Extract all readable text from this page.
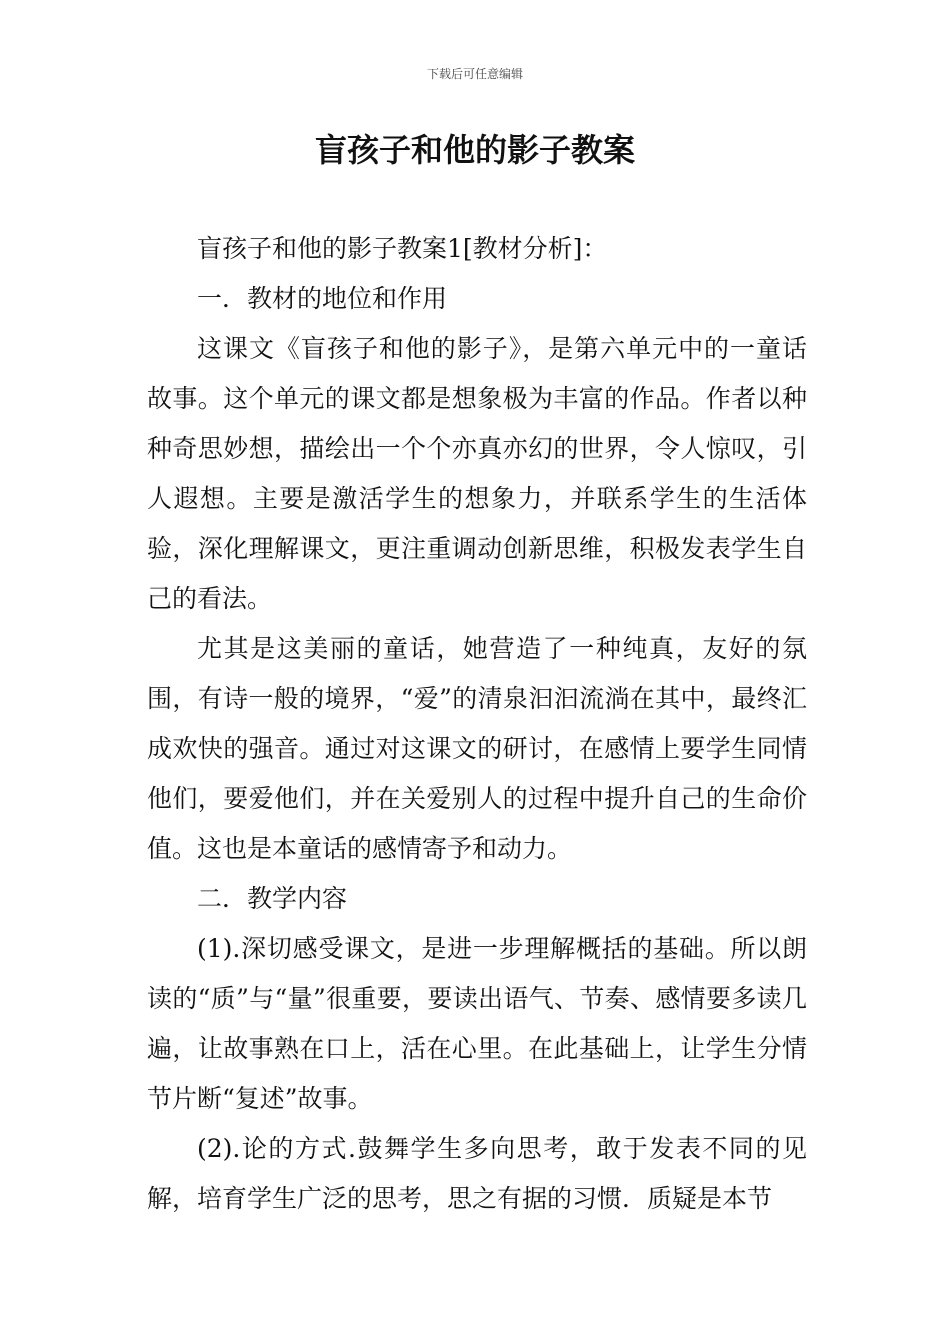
下载后可任意编辑
盲孩子和他的影子教案

盲孩子和他的影子教案1[教材分析]：

一．教材的地位和作用

这课文《盲孩子和他的影子》，是第六单元中的一童话故事。这个单元的课文都是想象极为丰富的作品。作者以种种奇思妙想，描绘出一个个亦真亦幻的世界，令人惊叹，引人遐想。主要是激活学生的想象力，并联系学生的生活体验，深化理解课文，更注重调动创新思维，积极发表学生自己的看法。

尤其是这美丽的童话，她营造了一种纯真，友好的氛围，有诗一般的境界，“爱”的清泉汩汩流淌在其中，最终汇成欢快的强音。通过对这课文的研讨，在感情上要学生同情他们，要爱他们，并在关爱别人的过程中提升自己的生命价值。这也是本童话的感情寄予和动力。

二．教学内容

(1).深切感受课文，是进一步理解概括的基础。所以朗读的“质”与“量”很重要，要读出语气、节奏、感情要多读几遍，让故事熟在口上，活在心里。在此基础上，让学生分情节片断“复述”故事。

(2).论的方式.鼓舞学生多向思考，敢于发表不同的见解，培育学生广泛的思考，思之有据的习惯．质疑是本节
